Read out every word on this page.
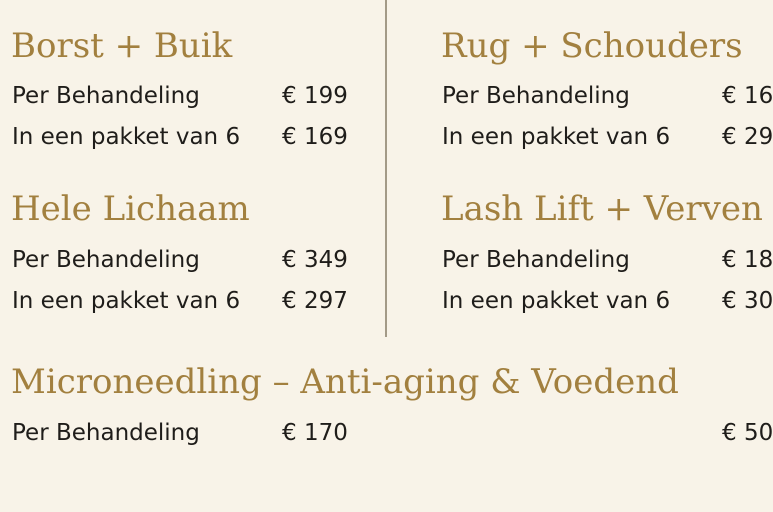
Borst + Buik
Per Behandeling	€ 199
In een pakket van 6 € 169
Rug + Schouders
Per Behandeling	€ 16
In een pakket van 6 € 29
Hele Lichaam
Per Behandeling	€ 349
In een pakket van 6 € 297
Lash Lift + Verven
Per Behandeling	€ 18
In een pakket van 6 € 30
Microneedling – Anti-aging & Voedend
Per Behandeling	€ 170	€ 50
